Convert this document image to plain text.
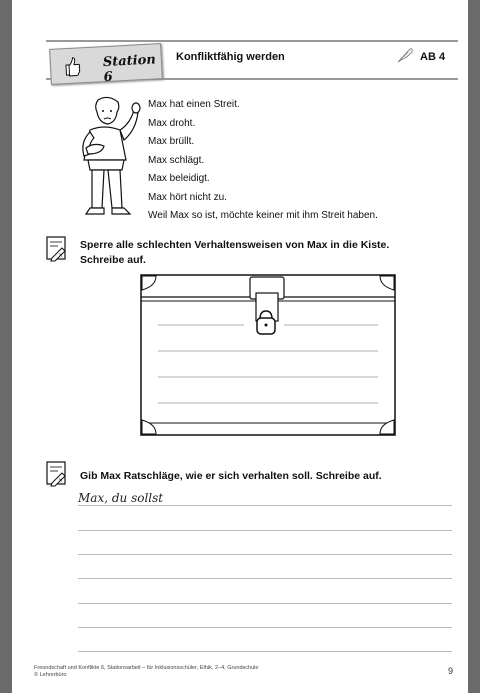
Station 6
Konfliktfähig werden	AB 4
Max hat einen Streit.
Max droht.
Max brüllt.
Max schlägt.
Max beleidigt.
Max hört nicht zu.
Weil Max so ist, möchte keiner mit ihm Streit haben.
×
Sperre alle schlechten Verhaltensweisen von Max in die Kiste.
Schreibe auf.
× Gib Max Ratschläge, wie er sich verhalten soll. Schreibe auf.
Max, du sollst
Freundschaft und Konflikte 6, Stationsarbeit – für Inklusionsschüler, Ethik, 2–4, Grundschule
© Lehrerbüro	9
